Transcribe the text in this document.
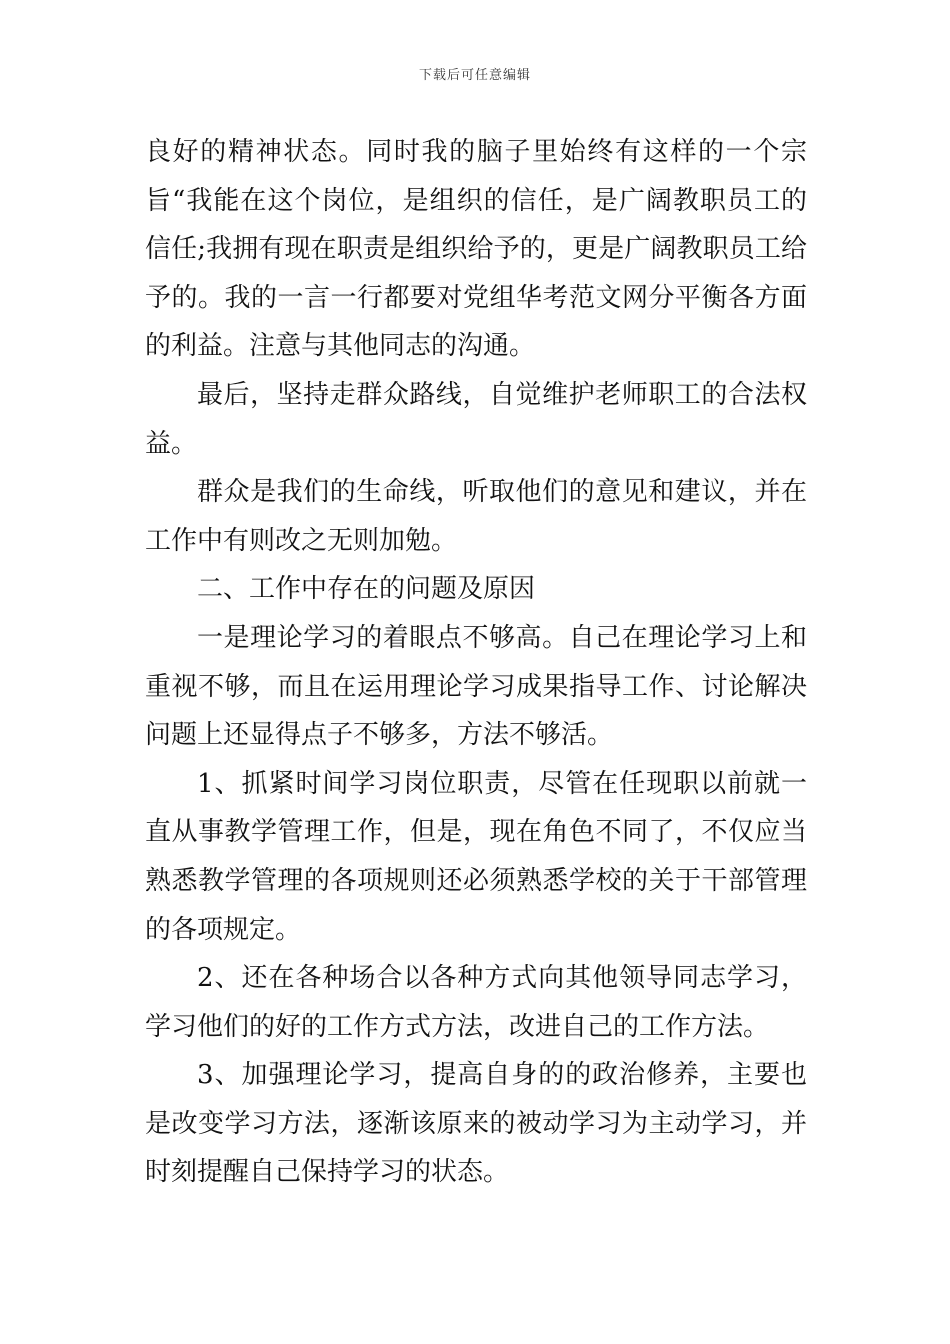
下载后可任意编辑

良好的精神状态。同时我的脑子里始终有这样的一个宗旨“我能在这个岗位，是组织的信任，是广阔教职员工的信任;我拥有现在职责是组织给予的，更是广阔教职员工给予的。我的一言一行都要对党组华考范文网分平衡各方面的利益。注意与其他同志的沟通。

最后，坚持走群众路线，自觉维护老师职工的合法权益。

群众是我们的生命线，听取他们的意见和建议，并在工作中有则改之无则加勉。

二、工作中存在的问题及原因

一是理论学习的着眼点不够高。自己在理论学习上和重视不够，而且在运用理论学习成果指导工作、讨论解决问题上还显得点子不够多，方法不够活。

1、抓紧时间学习岗位职责，尽管在任现职以前就一直从事教学管理工作，但是，现在角色不同了，不仅应当熟悉教学管理的各项规则还必须熟悉学校的关于干部管理的各项规定。

2、还在各种场合以各种方式向其他领导同志学习，学习他们的好的工作方式方法，改进自己的工作方法。

3、加强理论学习，提高自身的的政治修养，主要也是改变学习方法，逐渐该原来的被动学习为主动学习，并时刻提醒自己保持学习的状态。
